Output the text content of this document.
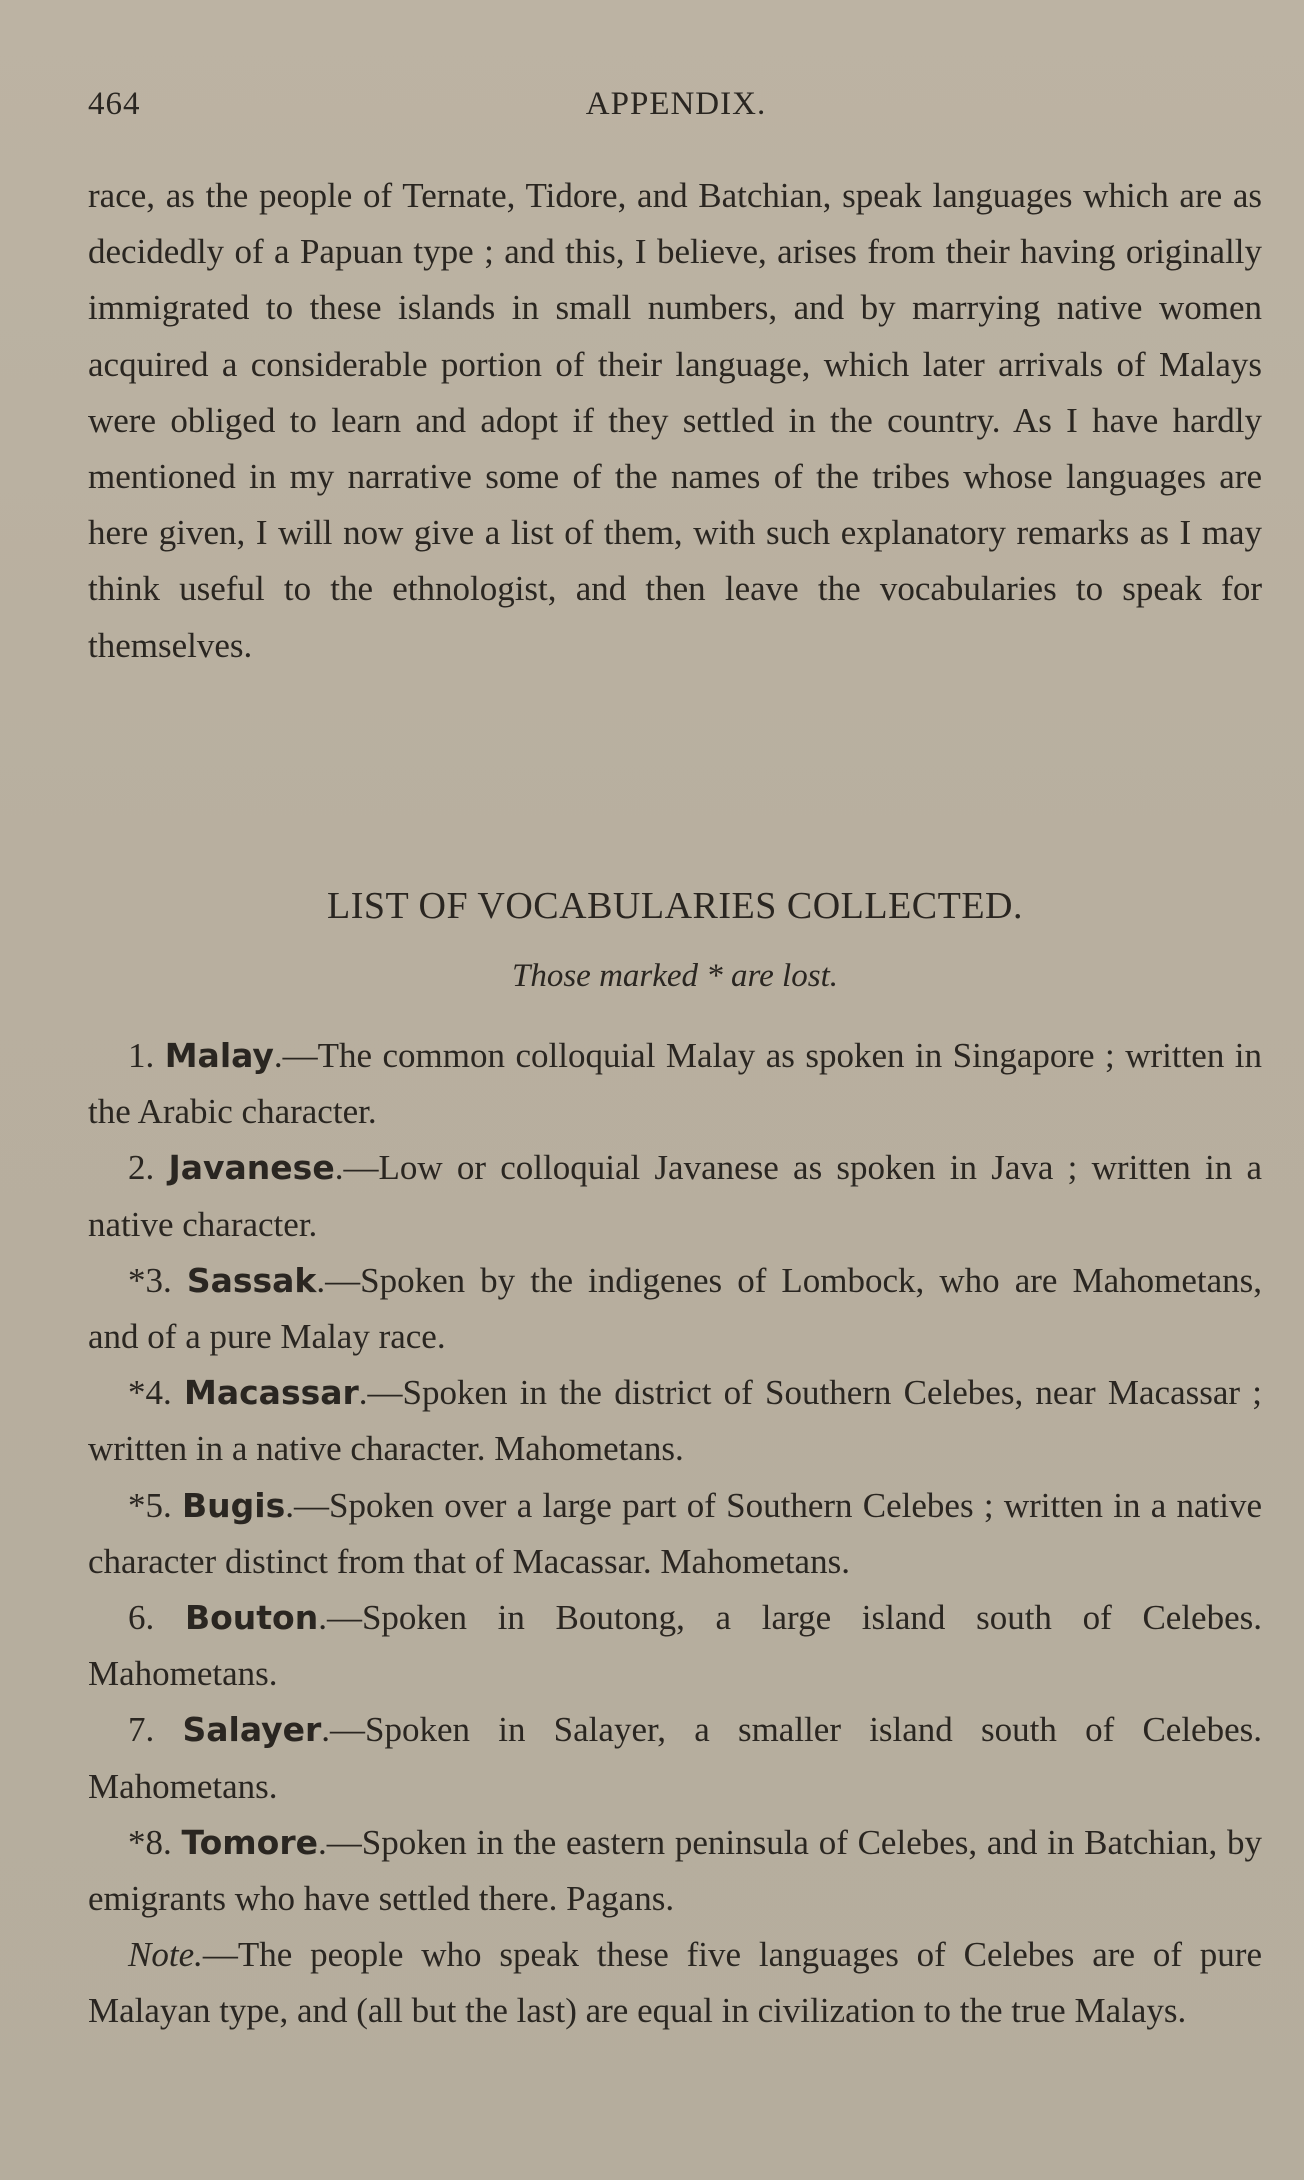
464	APPENDIX.

race, as the people of Ternate, Tidore, and Batchian, speak languages which are as decidedly of a Papuan type ; and this, I believe, arises from their having originally immigrated to these islands in small numbers, and by marrying native women acquired a considerable portion of their language, which later arrivals of Malays were obliged to learn and adopt if they settled in the country. As I have hardly mentioned in my narrative some of the names of the tribes whose languages are here given, I will now give a list of them, with such explanatory remarks as I may think useful to the ethnologist, and then leave the vocabularies to speak for themselves.

LIST OF VOCABULARIES COLLECTED.
Those marked * are lost.

1. Malay.—The common colloquial Malay as spoken in Singapore ; written in the Arabic character.

2. Javanese.—Low or colloquial Javanese as spoken in Java ; written in a native character.

*3. Sassak.—Spoken by the indigenes of Lombock, who are Mahometans, and of a pure Malay race.

*4. Macassar.—Spoken in the district of Southern Celebes, near Macassar ; written in a native character. Mahometans.

*5. Bugis.—Spoken over a large part of Southern Celebes ; written in a native character distinct from that of Macassar. Mahometans.

6. Bouton.—Spoken in Boutong, a large island south of Celebes. Mahometans.

7. Salayer.—Spoken in Salayer, a smaller island south of Celebes. Mahometans.

*8. Tomore.—Spoken in the eastern peninsula of Celebes, and in Batchian, by emigrants who have settled there. Pagans.

Note.—The people who speak these five languages of Celebes are of pure Malayan type, and (all but the last) are equal in civilization to the true Malays.
